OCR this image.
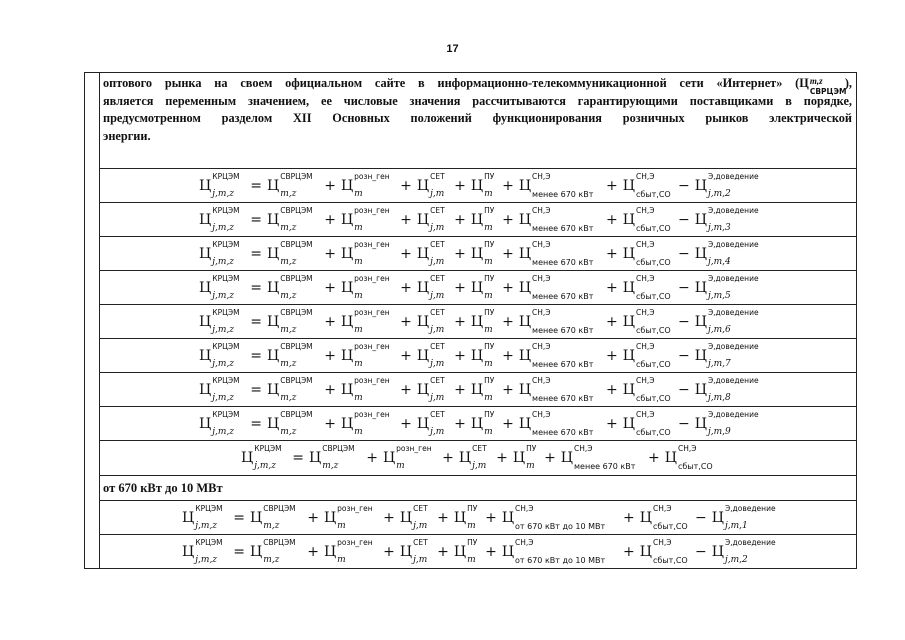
17

оптового рынка на своем официальном сайте в информационно-телекоммуникационной сети «Интернет» (Ц
СВРЦЭМ
m,z ),
является переменным значением, ее числовые значения рассчитываются гарантирующими поставщиками в порядке,
предусмотренном разделом XII Основных положений функционирования розничных рынков электрической
энергии.

Ц
КРЦЭМ
j,m,z = Ц
СВРЦЭМ
m,z + Ц
розн_ген
m	+ Ц
СЕТ
j,m + Ц
ПУ
m + Ц
СН,Э
менее 670 кВт
+ Ц
СН,Э
сбыт,СО
− Ц
Э,доведение
j,m,2

Ц
КРЦЭМ
j,m,z = Ц
СВРЦЭМ
m,z + Ц
розн_ген
m	+ Ц
СЕТ
j,m + Ц
ПУ
m + Ц
СН,Э
менее 670 кВт
+ Ц
СН,Э
сбыт,СО
− Ц
Э,доведение
j,m,3

Ц
КРЦЭМ
j,m,z = Ц
СВРЦЭМ
m,z + Ц
розн_ген
m	+ Ц
СЕТ
j,m + Ц
ПУ
m + Ц
СН,Э
менее 670 кВт
+ Ц
СН,Э
сбыт,СО
− Ц
Э,доведение
j,m,4

Ц
КРЦЭМ
j,m,z = Ц
СВРЦЭМ
m,z + Ц
розн_ген
m	+ Ц
СЕТ
j,m + Ц
ПУ
m + Ц
СН,Э
менее 670 кВт
+ Ц
СН,Э
сбыт,СО
− Ц
Э,доведение
j,m,5

Ц
КРЦЭМ
j,m,z = Ц
СВРЦЭМ
m,z + Ц
розн_ген
m	+ Ц
СЕТ
j,m + Ц
ПУ
m + Ц
СН,Э
менее 670 кВт
+ Ц
СН,Э
сбыт,СО
− Ц
Э,доведение
j,m,6

Ц
КРЦЭМ
j,m,z = Ц
СВРЦЭМ
m,z + Ц
розн_ген
m	+ Ц
СЕТ
j,m + Ц
ПУ
m + Ц
СН,Э
менее 670 кВт
+ Ц
СН,Э
сбыт,СО
− Ц
Э,доведение
j,m,7

Ц
КРЦЭМ
j,m,z = Ц
СВРЦЭМ
m,z + Ц
розн_ген
m	+ Ц
СЕТ
j,m + Ц
ПУ
m + Ц
СН,Э
менее 670 кВт
+ Ц
СН,Э
сбыт,СО
− Ц
Э,доведение
j,m,8

Ц
КРЦЭМ
j,m,z = Ц
СВРЦЭМ
m,z + Ц
розн_ген
m	+ Ц
СЕТ
j,m + Ц
ПУ
m + Ц
СН,Э
менее 670 кВт
+ Ц
СН,Э
сбыт,СО
− Ц
Э,доведение
j,m,9

Ц
КРЦЭМ
j,m,z = Ц
СВРЦЭМ
m,z + Ц
розн_ген
m	+ Ц
СЕТ
j,m + Ц
ПУ
m + Ц
СН,Э
менее 670 кВт
+ Ц
СН,Э
сбыт,СО

от 670 кВт до 10 МВт
Ц
КРЦЭМ
j,m,z = Ц
СВРЦЭМ
m,z + Ц
розн_ген
m	+ Ц
СЕТ
j,m + Ц
ПУ
m + Ц
СН,Э
от 670 кВт до 10 МВт
+ Ц
СН,Э
сбыт,СО
− Ц
Э,доведение
j,m,1

Ц
КРЦЭМ
j,m,z = Ц
СВРЦЭМ
m,z + Ц
розн_ген
m	+ Ц
СЕТ
j,m + Ц
ПУ
m + Ц
СН,Э
от 670 кВт до 10 МВт
+ Ц
СН,Э
сбыт,СО
− Ц
Э,доведение
j,m,2
